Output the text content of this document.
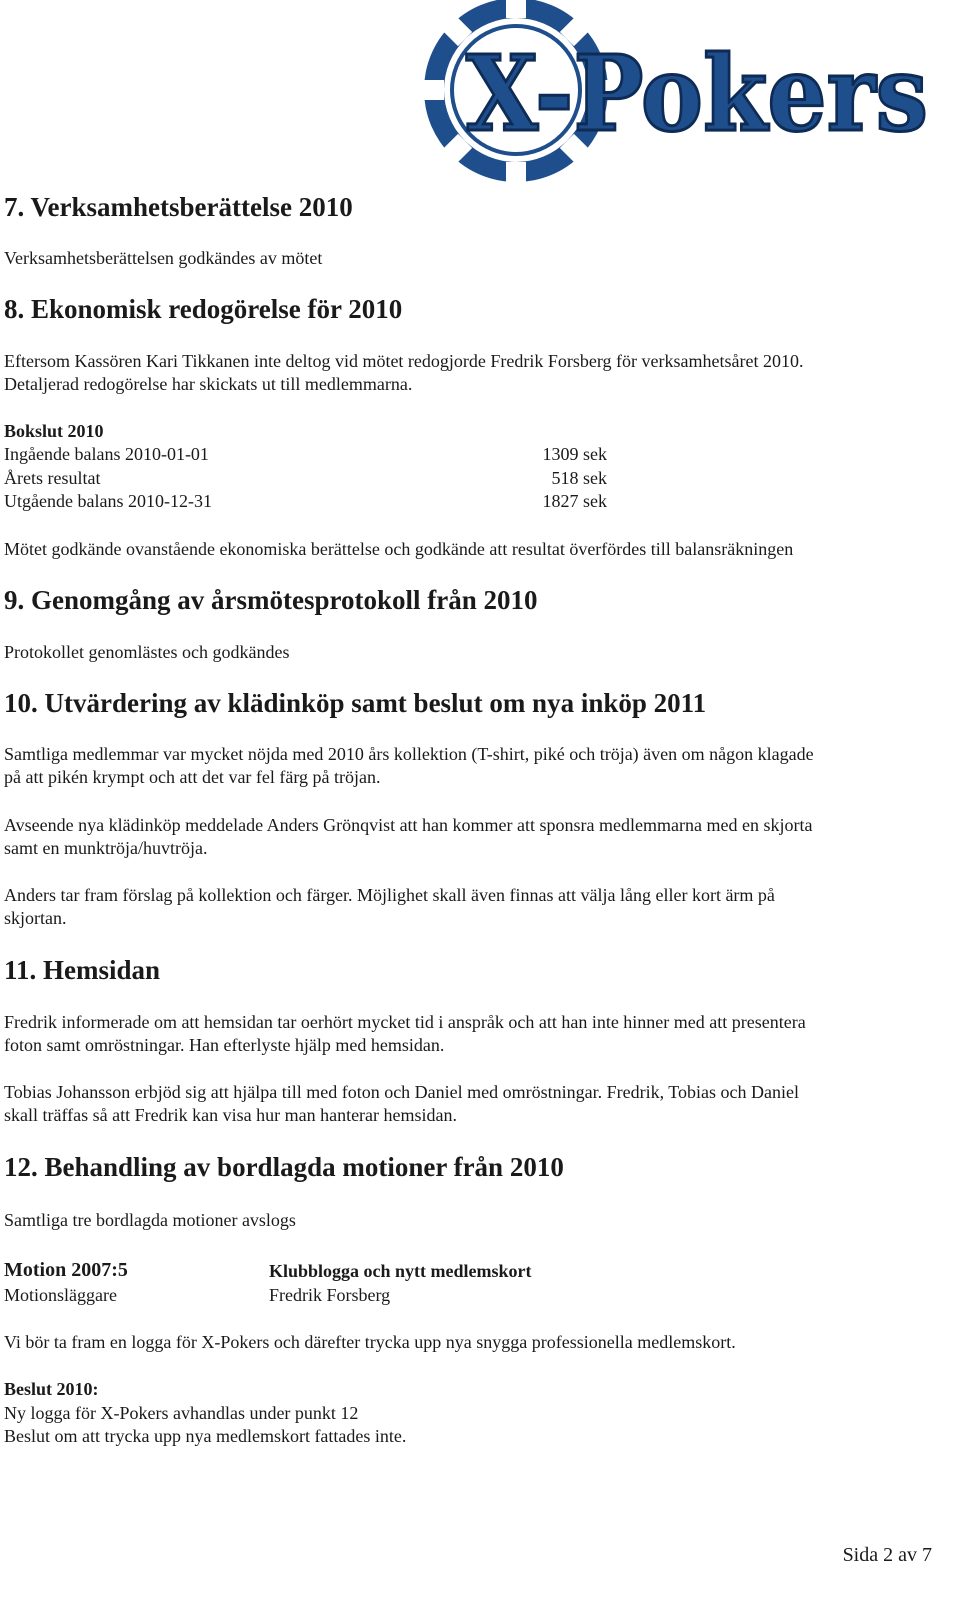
X-Pokers
7. Verksamhetsberättelse 2010
Verksamhetsberättelsen godkändes av mötet
8. Ekonomisk redogörelse för 2010
Eftersom Kassören Kari Tikkanen inte deltog vid mötet redogjorde Fredrik Forsberg för verksamhetsåret 2010.
Detaljerad redogörelse har skickats ut till medlemmarna.
Bokslut 2010
Ingående balans 2010-01-01	1309 sek
Årets resultat	518 sek
Utgående balans 2010-12-31	1827 sek
Mötet godkände ovanstående ekonomiska berättelse och godkände att resultat överfördes till balansräkningen
9. Genomgång av årsmötesprotokoll från 2010
Protokollet genomlästes och godkändes
10. Utvärdering av klädinköp samt beslut om nya inköp 2011
Samtliga medlemmar var mycket nöjda med 2010 års kollektion (T-shirt, piké och tröja) även om någon klagade
på att pikén krympt och att det var fel färg på tröjan.
Avseende nya klädinköp meddelade Anders Grönqvist att han kommer att sponsra medlemmarna med en skjorta
samt en munktröja/huvtröja.
Anders tar fram förslag på kollektion och färger. Möjlighet skall även finnas att välja lång eller kort ärm på
skjortan.
11. Hemsidan
Fredrik informerade om att hemsidan tar oerhört mycket tid i anspråk och att han inte hinner med att presentera
foton samt omröstningar. Han efterlyste hjälp med hemsidan.
Tobias Johansson erbjöd sig att hjälpa till med foton och Daniel med omröstningar. Fredrik, Tobias och Daniel
skall träffas så att Fredrik kan visa hur man hanterar hemsidan.
12. Behandling av bordlagda motioner från 2010
Samtliga tre bordlagda motioner avslogs
Motion 2007:5	Klubblogga och nytt medlemskort
Motionsläggare	Fredrik Forsberg
Vi bör ta fram en logga för X-Pokers och därefter trycka upp nya snygga professionella medlemskort.
Beslut 2010:
Ny logga för X-Pokers avhandlas under punkt 12
Beslut om att trycka upp nya medlemskort fattades inte.
Sida 2 av 7
